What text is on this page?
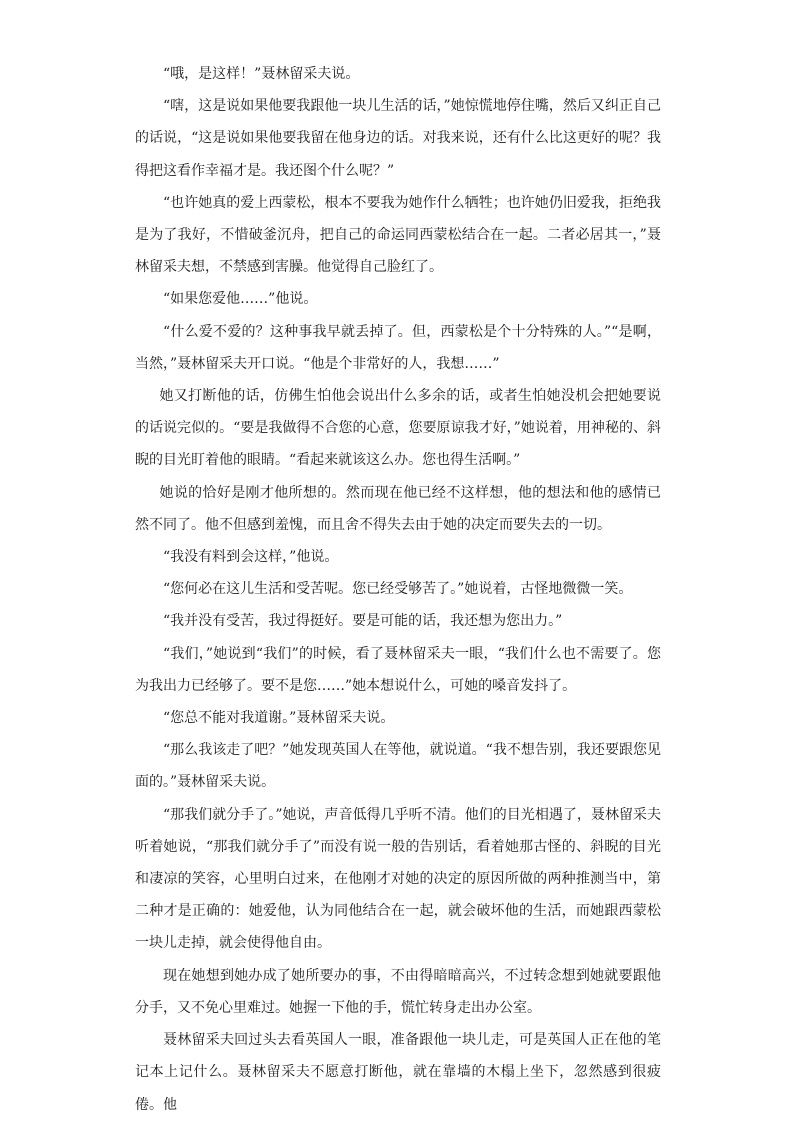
“哦，是这样！”聂林留采夫说。

“嗐，这是说如果他要我跟他一块儿生活的话，”她惊慌地停住嘴，然后又纠正自己的话说，“这是说如果他要我留在他身边的话。对我来说，还有什么比这更好的呢？我得把这看作幸福才是。我还图个什么呢？”

“也许她真的爱上西蒙松，根本不要我为她作什么牺牲；也许她仍旧爱我，拒绝我是为了我好，不惜破釜沉舟，把自己的命运同西蒙松结合在一起。二者必居其一，”聂林留采夫想，不禁感到害臊。他觉得自己脸红了。

“如果您爱他……”他说。

“什么爱不爱的？这种事我早就丢掉了。但，西蒙松是个十分特殊的人。”“是啊，当然，”聂林留采夫开口说。“他是个非常好的人，我想……”

她又打断他的话，仿佛生怕他会说出什么多余的话，或者生怕她没机会把她要说的话说完似的。“要是我做得不合您的心意，您要原谅我才好，”她说着，用神秘的、斜睨的目光盯着他的眼睛。“看起来就该这么办。您也得生活啊。”

她说的恰好是刚才他所想的。然而现在他已经不这样想，他的想法和他的感情已然不同了。他不但感到羞愧，而且舍不得失去由于她的决定而要失去的一切。

“我没有料到会这样，”他说。

“您何必在这儿生活和受苦呢。您已经受够苦了。”她说着，古怪地微微一笑。

“我并没有受苦，我过得挺好。要是可能的话，我还想为您出力。”

“我们，”她说到“我们”的时候，看了聂林留采夫一眼，“我们什么也不需要了。您为我出力已经够了。要不是您……”她本想说什么，可她的嗓音发抖了。

“您总不能对我道谢。”聂林留采夫说。

“那么我该走了吧？”她发现英国人在等他，就说道。“我不想告别，我还要跟您见面的。”聂林留采夫说。

“那我们就分手了。”她说，声音低得几乎听不清。他们的目光相遇了，聂林留采夫听着她说，“那我们就分手了”而没有说一般的告别话，看着她那古怪的、斜睨的目光和凄凉的笑容，心里明白过来，在他刚才对她的决定的原因所做的两种推测当中，第二种才是正确的：她爱他，认为同他结合在一起，就会破坏他的生活，而她跟西蒙松一块儿走掉，就会使得他自由。

现在她想到她办成了她所要办的事，不由得暗暗高兴，不过转念想到她就要跟他分手，又不免心里难过。她握一下他的手，慌忙转身走出办公室。

聂林留采夫回过头去看英国人一眼，准备跟他一块儿走，可是英国人正在他的笔记本上记什么。聂林留采夫不愿意打断他，就在靠墙的木榻上坐下，忽然感到很疲倦。他
